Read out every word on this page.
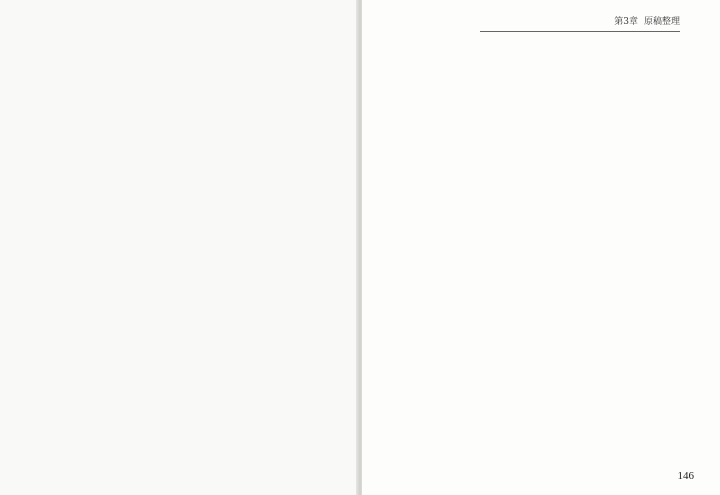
第3章 原稿整理
146
